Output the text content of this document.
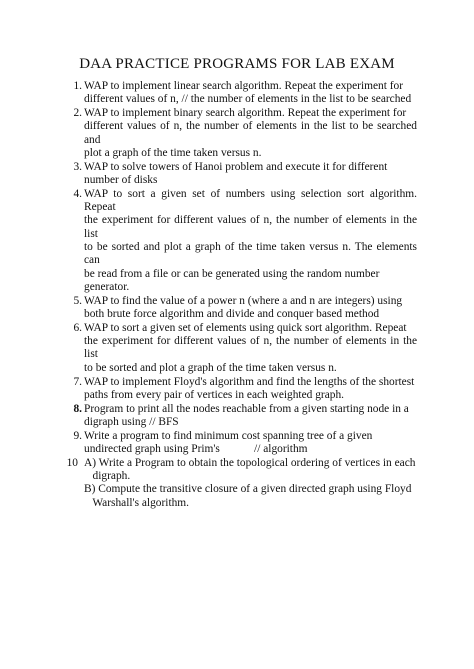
DAA PRACTICE PROGRAMS FOR LAB EXAM
1. WAP to implement linear search algorithm. Repeat the experiment for
different values of n, // the number of elements in the list to be searched
2. WAP to implement binary search algorithm. Repeat the experiment for
different values of n, the number of elements in the list to be searched and
plot a graph of the time taken versus n.
3. WAP to solve towers of Hanoi problem and execute it for different
number of disks
4. WAP to sort a given set of numbers using selection sort algorithm. Repeat
the experiment for different values of n, the number of elements in the list
to be sorted and plot a graph of the time taken versus n. The elements can
be read from a file or can be generated using the random number
generator.
5. WAP to find the value of a power n (where a and n are integers) using
both brute force algorithm and divide and conquer based method
6. WAP to sort a given set of elements using quick sort algorithm. Repeat
the experiment for different values of n, the number of elements in the list
to be sorted and plot a graph of the time taken versus n.
7. WAP to implement Floyd's algorithm and find the lengths of the shortest
paths from every pair of vertices in each weighted graph.
8. Program to print all the nodes reachable from a given starting node in a
digraph using // BFS
9. Write a program to find minimum cost spanning tree of a given
undirected graph using Prim's            // algorithm
10 A) Write a Program to obtain the topological ordering of vertices in each
digraph.
B) Compute the transitive closure of a given directed graph using Floyd
Warshall's algorithm.
